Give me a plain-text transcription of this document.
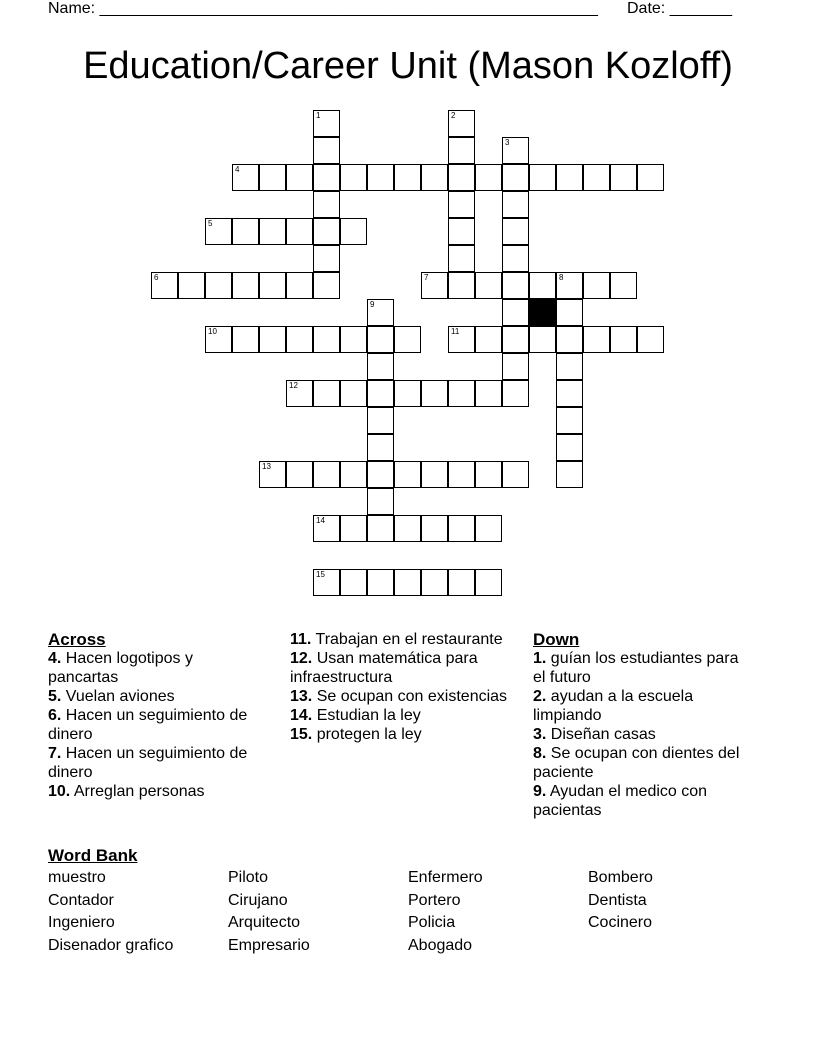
Name: ________________________________________________________ Date: _______
Education/Career Unit (Mason Kozloff)
1	2
3
4
5
6	7	8
9
10	11
12
13
14
15
Across
4. Hacen logotipos y pancartas
5. Vuelan aviones
6. Hacen un seguimiento de dinero
7. Hacen un seguimiento de dinero
10. Arreglan personas
11. Trabajan en el restaurante
12. Usan matemática para infraestructura
13. Se ocupan con existencias
14. Estudian la ley
15. protegen la ley
Down
1. guían los estudiantes para el futuro
2. ayudan a la escuela limpiando
3. Diseñan casas
8. Se ocupan con dientes del paciente
9. Ayudan el medico con pacientas
Word Bank
muestro
Contador
Ingeniero
Disenador grafico
Piloto
Cirujano
Arquitecto
Empresario
Enfermero
Portero
Policia
Abogado
Bombero
Dentista
Cocinero
